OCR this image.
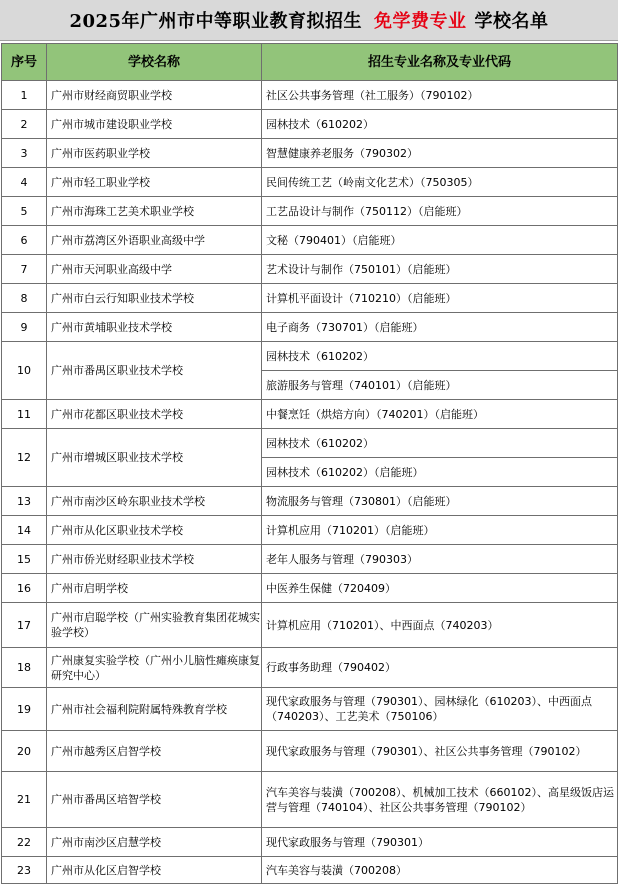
2025年广州市中等职业教育拟招生 免学费专业 学校名单
序号	学校名称	招生专业名称及专业代码
1	广州市财经商贸职业学校	社区公共事务管理（社工服务）（790102）
2	广州市城市建设职业学校	园林技术（610202）
3	广州市医药职业学校	智慧健康养老服务（790302）
4	广州市轻工职业学校	民间传统工艺（岭南文化艺术）（750305）
5	广州市海珠工艺美术职业学校	工艺品设计与制作（750112）（启能班）
6	广州市荔湾区外语职业高级中学	文秘（790401）（启能班）
7	广州市天河职业高级中学	艺术设计与制作（750101）（启能班）
8	广州市白云行知职业技术学校	计算机平面设计（710210）（启能班）
9	广州市黄埔职业技术学校	电子商务（730701）（启能班）
10	广州市番禺区职业技术学校	园林技术（610202）
		旅游服务与管理（740101）（启能班）
11	广州市花都区职业技术学校	中餐烹饪（烘焙方向）（740201）（启能班）
12	广州市增城区职业技术学校	园林技术（610202）
		园林技术（610202）（启能班）
13	广州市南沙区岭东职业技术学校	物流服务与管理（730801）（启能班）
14	广州市从化区职业技术学校	计算机应用（710201）（启能班）
15	广州市侨光财经职业技术学校	老年人服务与管理（790303）
16	广州市启明学校	中医养生保健（720409）
17	广州市启聪学校（广州实验教育集团花城实验学校）	计算机应用（710201）、中西面点（740203）
18	广州康复实验学校（广州小儿脑性瘫痪康复研究中心）	行政事务助理（790402）
19	广州市社会福利院附属特殊教育学校	现代家政服务与管理（790301）、园林绿化（610203）、中西面点（740203）、工艺美术（750106）
20	广州市越秀区启智学校	现代家政服务与管理（790301）、社区公共事务管理（790102）
21	广州市番禺区培智学校	汽车美容与装潢（700208）、机械加工技术（660102）、高星级饭店运营与管理（740104）、社区公共事务管理（790102）
22	广州市南沙区启慧学校	现代家政服务与管理（790301）
23	广州市从化区启智学校	汽车美容与装潢（700208）
